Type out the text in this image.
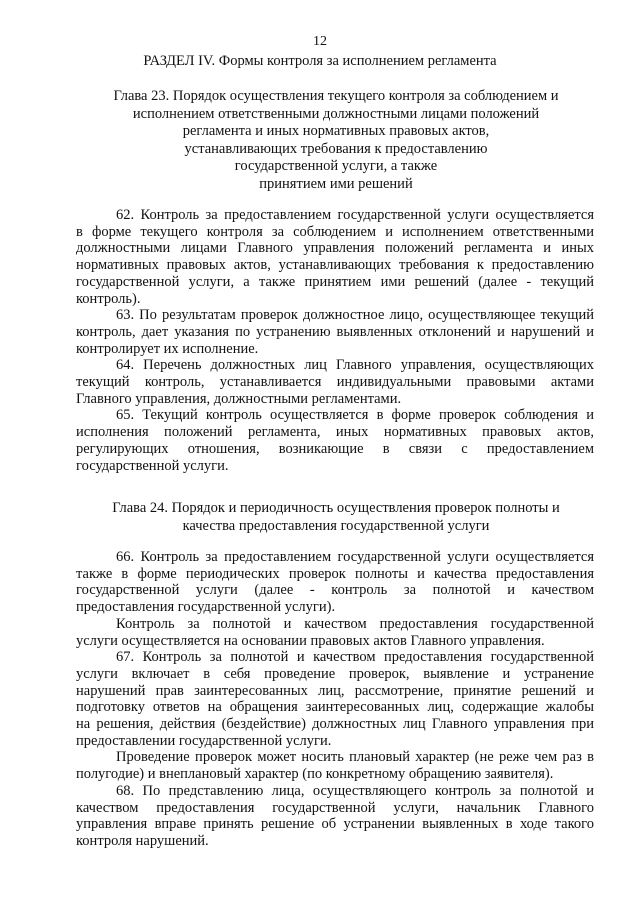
12
РАЗДЕЛ IV. Формы контроля за исполнением регламента
Глава 23. Порядок осуществления текущего контроля за соблюдением и
исполнением ответственными должностными лицами положений
регламента и иных нормативных правовых актов,
устанавливающих требования к предоставлению
государственной услуги, а также
принятием ими решений
62. Контроль за предоставлением государственной услуги осуществляется
в форме текущего контроля за соблюдением и исполнением ответственными
должностными лицами Главного управления положений регламента и иных
нормативных правовых актов, устанавливающих требования к предоставлению
государственной услуги, а также принятием ими решений (далее - текущий
контроль).
63. По результатам проверок должностное лицо, осуществляющее текущий
контроль, дает указания по устранению выявленных отклонений и нарушений и
контролирует их исполнение.
64. Перечень должностных лиц Главного управления, осуществляющих
текущий контроль, устанавливается индивидуальными правовыми актами
Главного управления, должностными регламентами.
65. Текущий контроль осуществляется в форме проверок соблюдения и
исполнения положений регламента, иных нормативных правовых актов,
регулирующих отношения, возникающие в связи с предоставлением
государственной услуги.
Глава 24. Порядок и периодичность осуществления проверок полноты и
качества предоставления государственной услуги
66. Контроль за предоставлением государственной услуги осуществляется
также в форме периодических проверок полноты и качества предоставления
государственной услуги (далее - контроль за полнотой и качеством
предоставления государственной услуги).
Контроль за полнотой и качеством предоставления государственной
услуги осуществляется на основании правовых актов Главного управления.
67. Контроль за полнотой и качеством предоставления государственной
услуги включает в себя проведение проверок, выявление и устранение
нарушений прав заинтересованных лиц, рассмотрение, принятие решений и
подготовку ответов на обращения заинтересованных лиц, содержащие жалобы
на решения, действия (бездействие) должностных лиц Главного управления при
предоставлении государственной услуги.
Проведение проверок может носить плановый характер (не реже чем раз в
полугодие) и внеплановый характер (по конкретному обращению заявителя).
68. По представлению лица, осуществляющего контроль за полнотой и
качеством предоставления государственной услуги, начальник Главного
управления вправе принять решение об устранении выявленных в ходе такого
контроля нарушений.
